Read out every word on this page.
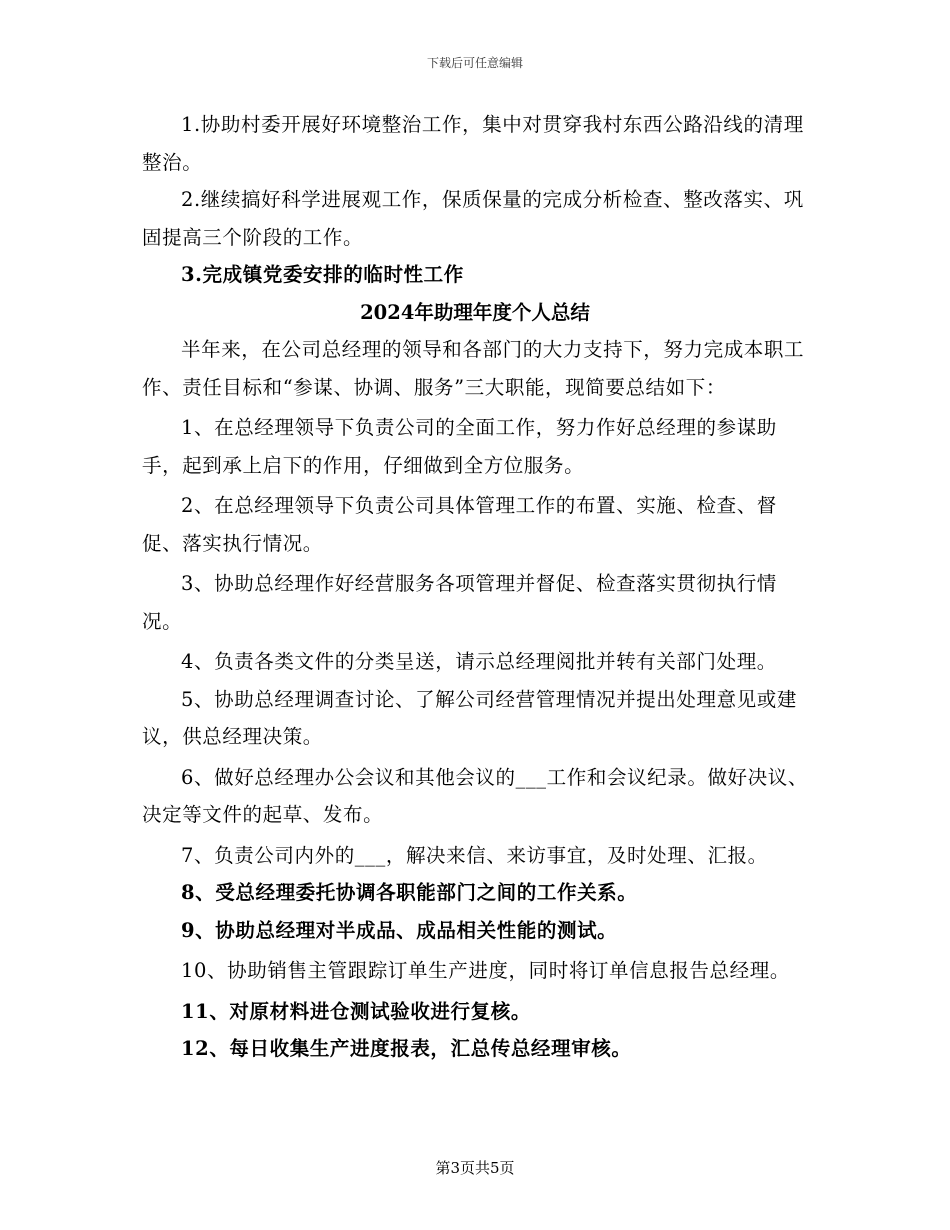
下载后可任意编辑

1.协助村委开展好环境整治工作，集中对贯穿我村东西公路沿线的清理整治。

2.继续搞好科学进展观工作，保质保量的完成分析检查、整改落实、巩固提高三个阶段的工作。

3.完成镇党委安排的临时性工作

2024年助理年度个人总结

半年来，在公司总经理的领导和各部门的大力支持下，努力完成本职工作、责任目标和“参谋、协调、服务”三大职能，现简要总结如下：

1、在总经理领导下负责公司的全面工作，努力作好总经理的参谋助手，起到承上启下的作用，仔细做到全方位服务。

2、在总经理领导下负责公司具体管理工作的布置、实施、检查、督促、落实执行情况。

3、协助总经理作好经营服务各项管理并督促、检查落实贯彻执行情况。

4、负责各类文件的分类呈送，请示总经理阅批并转有关部门处理。

5、协助总经理调查讨论、了解公司经营管理情况并提出处理意见或建议，供总经理决策。

6、做好总经理办公会议和其他会议的___工作和会议纪录。做好决议、决定等文件的起草、发布。

7、负责公司内外的___，解决来信、来访事宜，及时处理、汇报。

8、受总经理委托协调各职能部门之间的工作关系。

9、协助总经理对半成品、成品相关性能的测试。

10、协助销售主管跟踪订单生产进度，同时将订单信息报告总经理。

11、对原材料进仓测试验收进行复核。

12、每日收集生产进度报表，汇总传总经理审核。

第3页共5页
